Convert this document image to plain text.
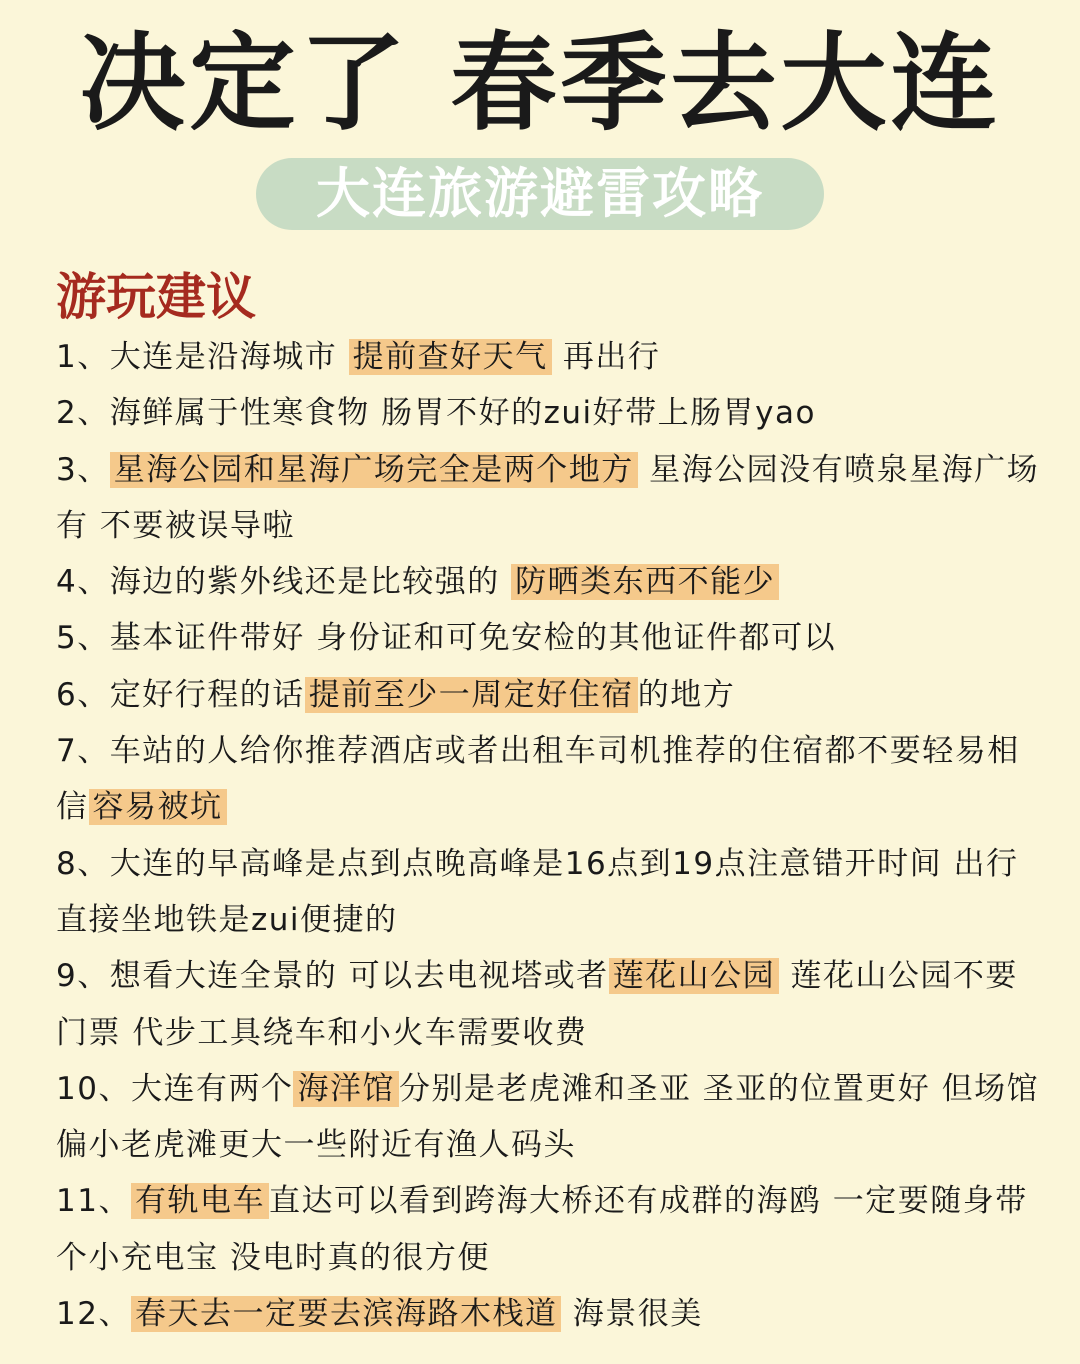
决定了 春季去大连
大连旅游避雷攻略
游玩建议

1、大连是沿海城市 提前查好天气 再出行

2、海鲜属于性寒食物 肠胃不好的zui好带上肠胃yao

3、 星海公园和星海广场完全是两个地方 星海公园没有喷泉星海广场有 不要被误导啦

4、海边的紫外线还是比较强的 防晒类东西不能少

5、基本证件带好 身份证和可免安检的其他证件都可以

6、定好行程的话 提前至少一周定好住宿 的地方

7、车站的人给你推荐酒店或者出租车司机推荐的住宿都不要轻易相信 容易被坑

8、大连的早高峰是点到点晚高峰是16点到19点注意错开时间 出行直接坐地铁是zui便捷的

9、想看大连全景的 可以去电视塔或者 莲花山公园 莲花山公园不要门票 代步工具绕车和小火车需要收费

10、大连有两个 海洋馆 分别是老虎滩和圣亚 圣亚的位置更好 但场馆偏小老虎滩更大一些附近有渔人码头

11、 有轨电车 直达可以看到跨海大桥还有成群的海鸥 一定要随身带个小充电宝 没电时真的很方便

12、 春天去一定要去滨海路木栈道 海景很美
